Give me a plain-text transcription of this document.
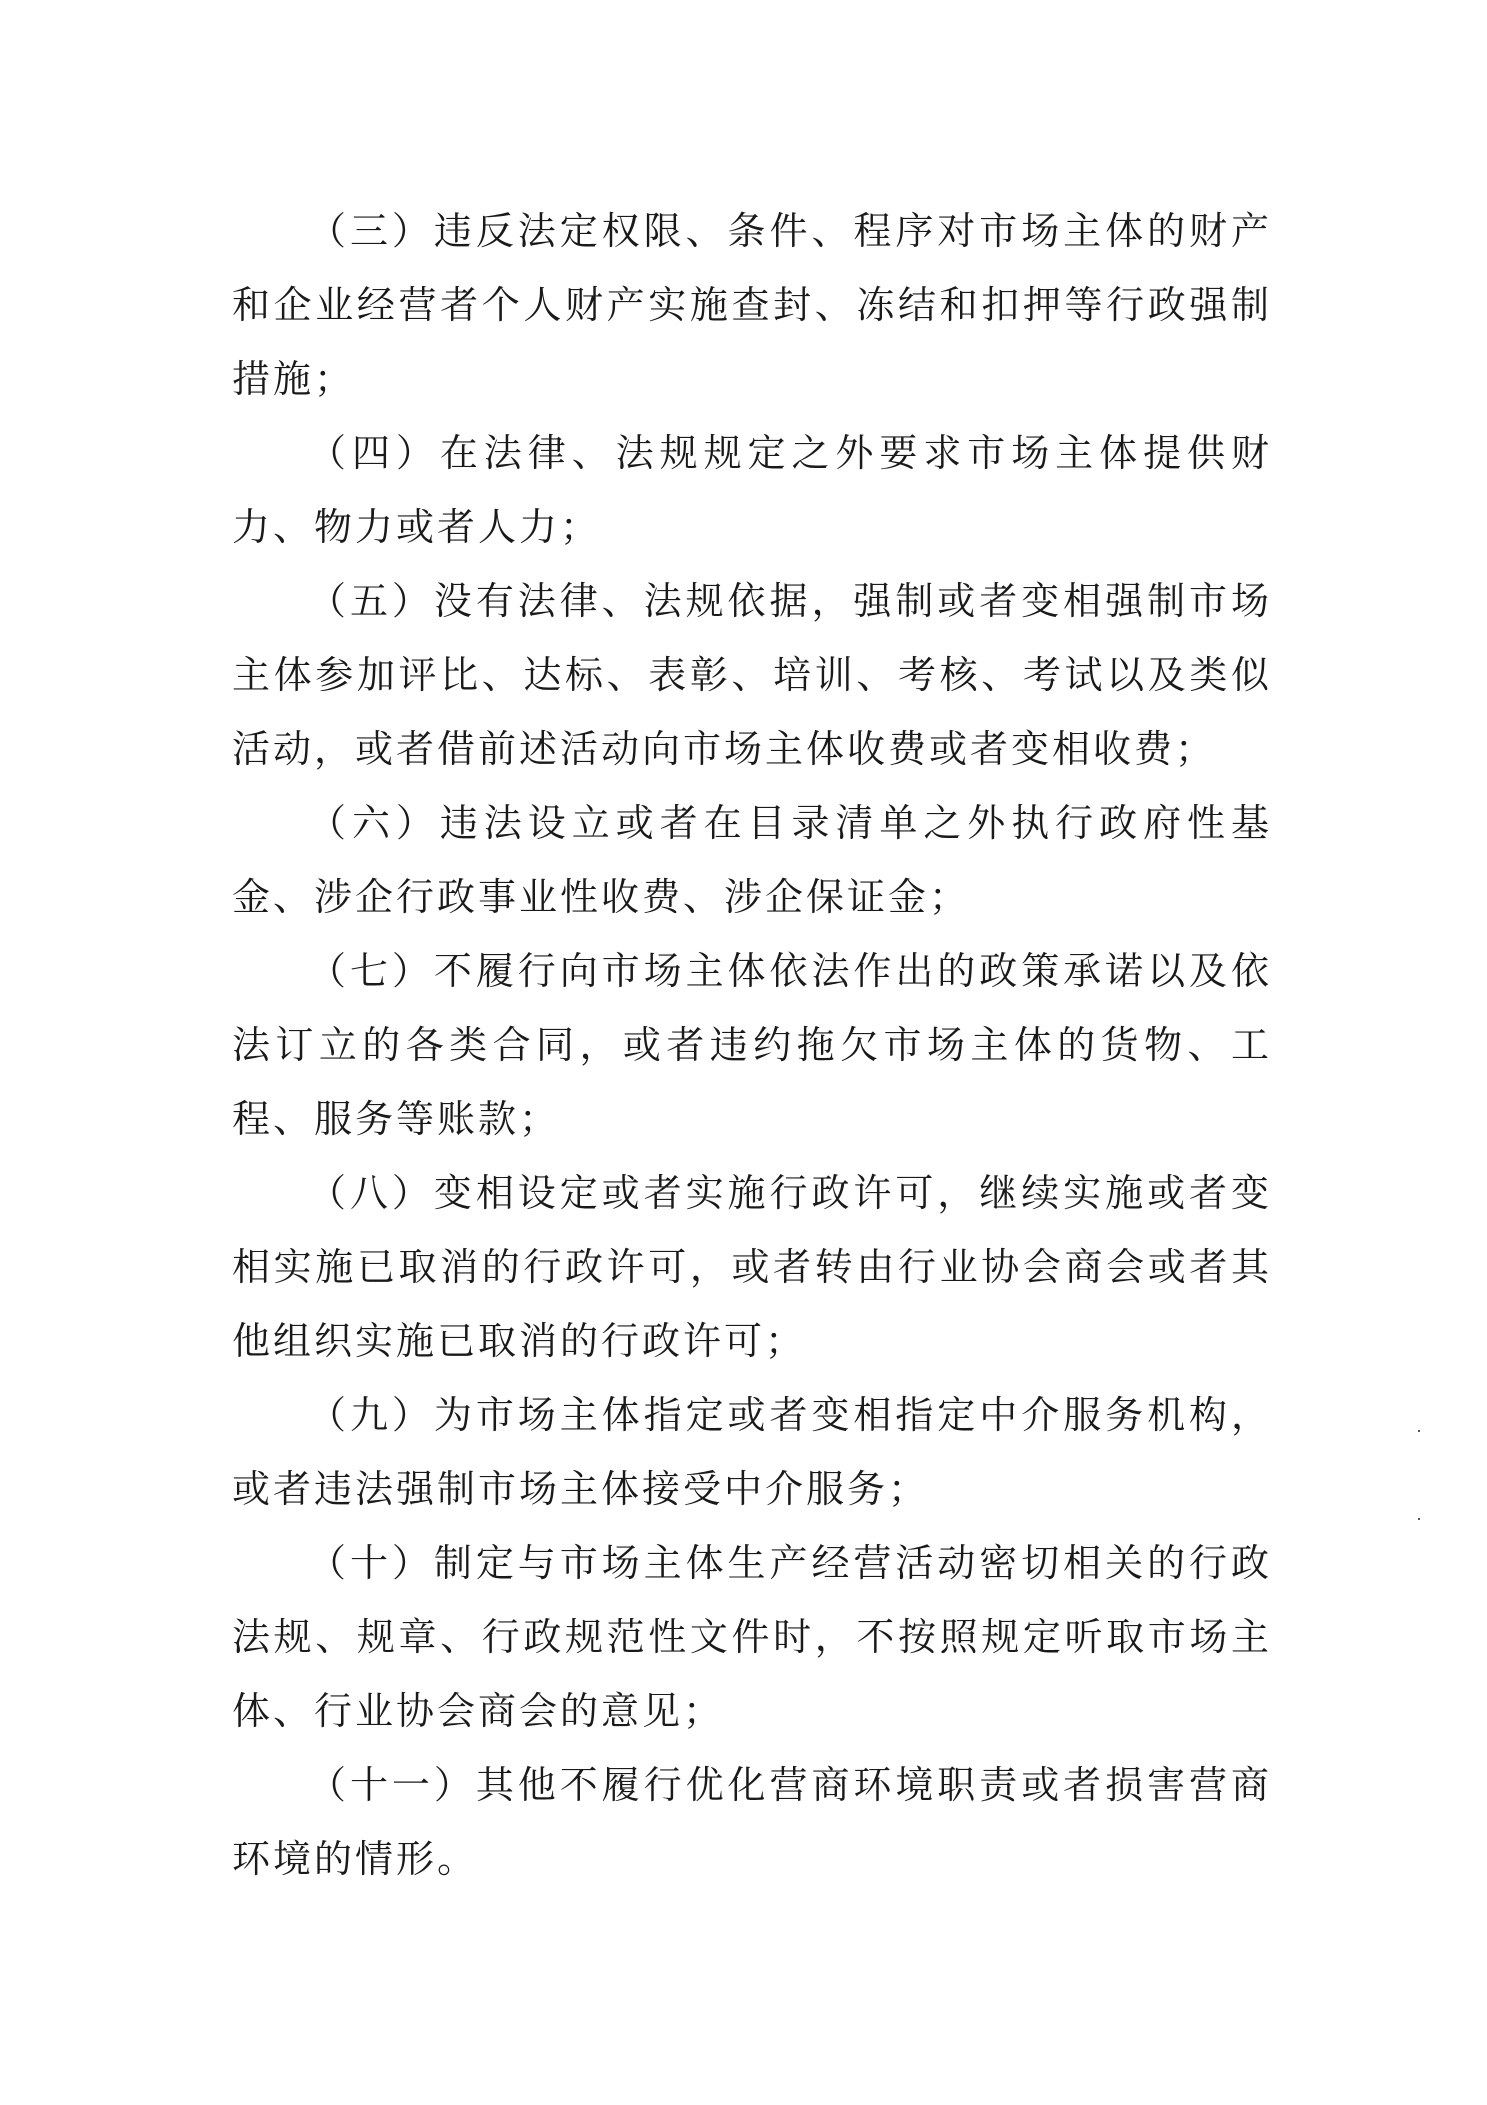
（三）违反法定权限、条件、程序对市场主体的财产和企业经营者个人财产实施查封、冻结和扣押等行政强制措施；

（四）在法律、法规规定之外要求市场主体提供财力、物力或者人力；

（五）没有法律、法规依据，强制或者变相强制市场主体参加评比、达标、表彰、培训、考核、考试以及类似活动，或者借前述活动向市场主体收费或者变相收费；

（六）违法设立或者在目录清单之外执行政府性基金、涉企行政事业性收费、涉企保证金；

（七）不履行向市场主体依法作出的政策承诺以及依法订立的各类合同，或者违约拖欠市场主体的货物、工程、服务等账款；

（八）变相设定或者实施行政许可，继续实施或者变相实施已取消的行政许可，或者转由行业协会商会或者其他组织实施已取消的行政许可；

（九）为市场主体指定或者变相指定中介服务机构，或者违法强制市场主体接受中介服务；

（十）制定与市场主体生产经营活动密切相关的行政法规、规章、行政规范性文件时，不按照规定听取市场主体、行业协会商会的意见；

（十一）其他不履行优化营商环境职责或者损害营商环境的情形。
